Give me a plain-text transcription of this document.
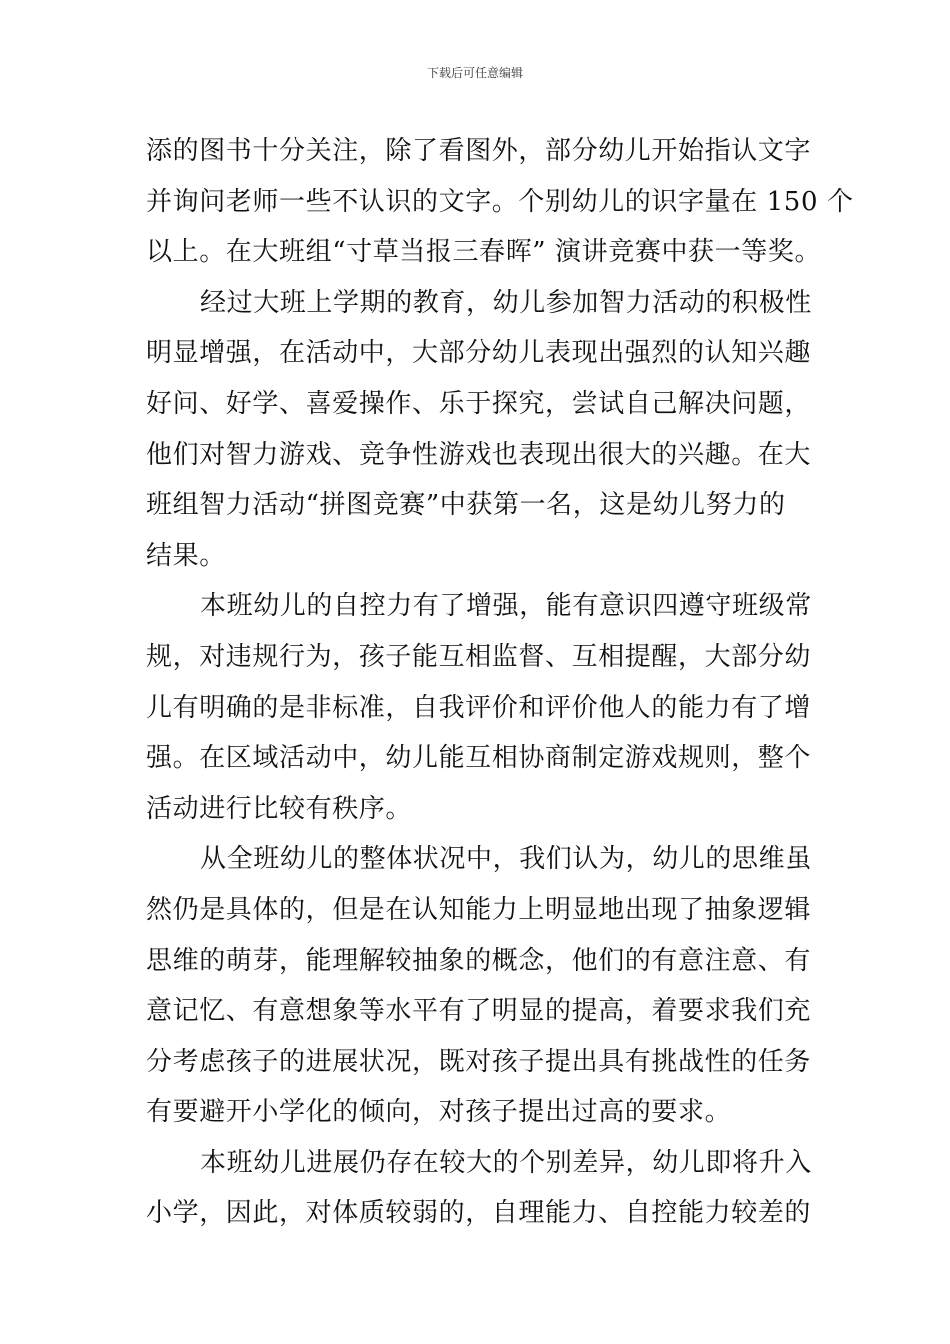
下载后可任意编辑
添的图书十分关注，除了看图外，部分幼儿开始指认文字
并询问老师一些不认识的文字。个别幼儿的识字量在 150 个
以上。在大班组“寸草当报三春晖” 演讲竞赛中获一等奖。
经过大班上学期的教育，幼儿参加智力活动的积极性
明显增强，在活动中，大部分幼儿表现出强烈的认知兴趣
好问、好学、喜爱操作、乐于探究，尝试自己解决问题，
他们对智力游戏、竞争性游戏也表现出很大的兴趣。在大
班组智力活动“拼图竞赛”中获第一名，这是幼儿努力的
结果。
本班幼儿的自控力有了增强，能有意识四遵守班级常
规，对违规行为，孩子能互相监督、互相提醒，大部分幼
儿有明确的是非标准，自我评价和评价他人的能力有了增
强。在区域活动中，幼儿能互相协商制定游戏规则，整个
活动进行比较有秩序。
从全班幼儿的整体状况中，我们认为，幼儿的思维虽
然仍是具体的，但是在认知能力上明显地出现了抽象逻辑
思维的萌芽，能理解较抽象的概念，他们的有意注意、有
意记忆、有意想象等水平有了明显的提高，着要求我们充
分考虑孩子的进展状况，既对孩子提出具有挑战性的任务
有要避开小学化的倾向，对孩子提出过高的要求。
本班幼儿进展仍存在较大的个别差异，幼儿即将升入
小学，因此，对体质较弱的，自理能力、自控能力较差的
